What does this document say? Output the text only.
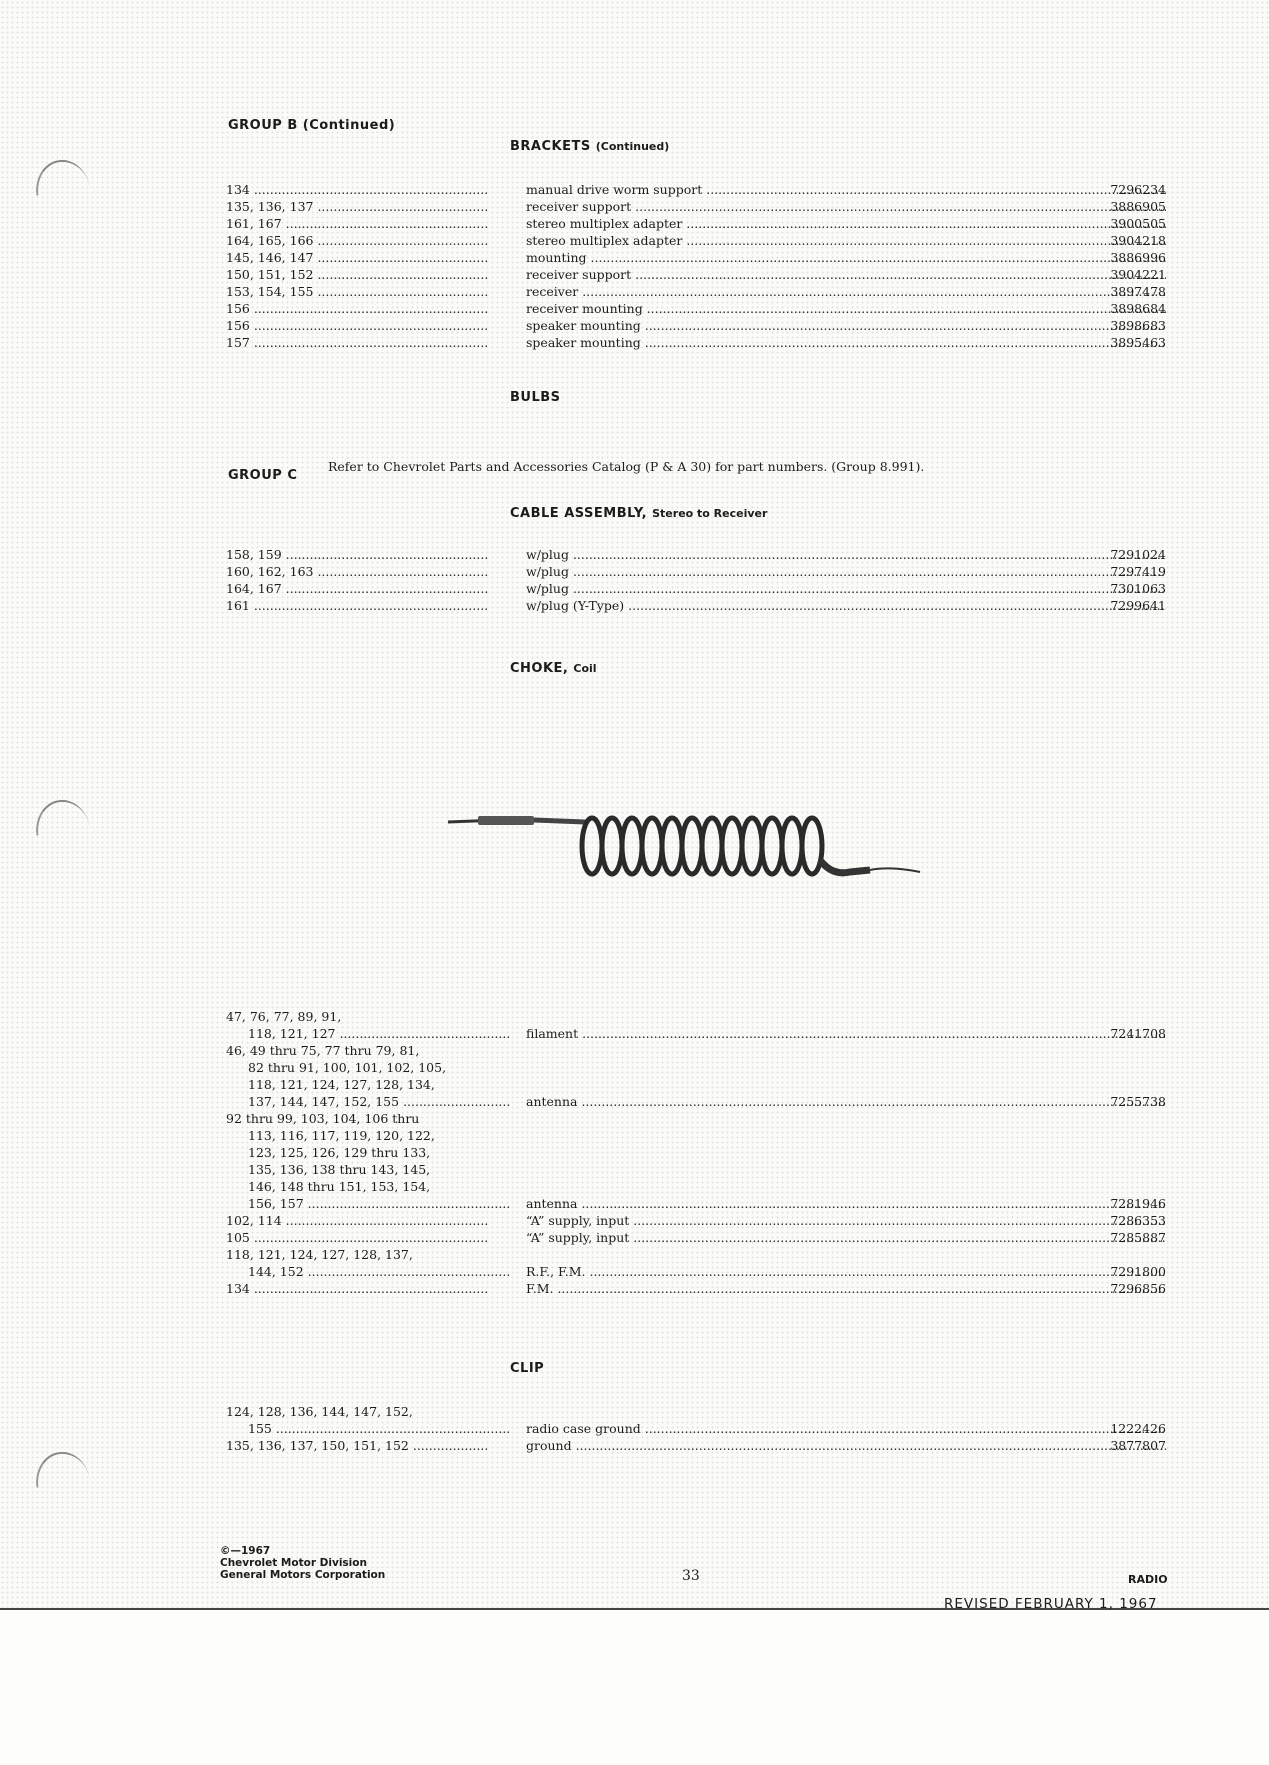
GROUP B (Continued)
BRACKETS (Continued)
134 .....	manual drive worm support .....	7296234
135, 136, 137 .....	receiver support .....	3886905
161, 167 .....	stereo multiplex adapter .....	3900505
164, 165, 166 .....	stereo multiplex adapter .....	3904218
145, 146, 147 .....	mounting .....	3886996
150, 151, 152 .....	receiver support .....	3904221
153, 154, 155 .....	receiver .....	3897478
156 .....	receiver mounting .....	3898684
156 .....	speaker mounting .....	3898683
157 .....	speaker mounting .....	3895463
BULBS
Refer to Chevrolet Parts and Accessories Catalog (P & A 30) for part numbers. (Group 8.991).
GROUP C
CABLE ASSEMBLY, Stereo to Receiver
158, 159 .....	w/plug .....	7291024
160, 162, 163 .....	w/plug .....	7297419
164, 167 .....	w/plug .....	7301063
161 .....	w/plug (Y-Type) .....	7299641
CHOKE, Coil
47, 76, 77, 89, 91,
118, 121, 127 .....	filament .....	7241708
46, 49 thru 75, 77 thru 79, 81,
82 thru 91, 100, 101, 102, 105,
118, 121, 124, 127, 128, 134,
137, 144, 147, 152, 155 .....	antenna .....	7255738
92 thru 99, 103, 104, 106 thru
113, 116, 117, 119, 120, 122,
123, 125, 126, 129 thru 133,
135, 136, 138 thru 143, 145,
146, 148 thru 151, 153, 154,
156, 157 .....	antenna .....	7281946
102, 114 .....	“A” supply, input .....	7286353
105 .....	“A” supply, input .....	7285887
118, 121, 124, 127, 128, 137,
144, 152 .....	R.F., F.M. .....	7291800
134 .....	F.M. .....	7296856
CLIP
124, 128, 136, 144, 147, 152,
155 .....	radio case ground .....	1222426
135, 136, 137, 150, 151, 152 .....	ground .....	3877807
©—1967
Chevrolet Motor Division
General Motors Corporation	33	RADIO
REVISED FEBRUARY 1, 1967
